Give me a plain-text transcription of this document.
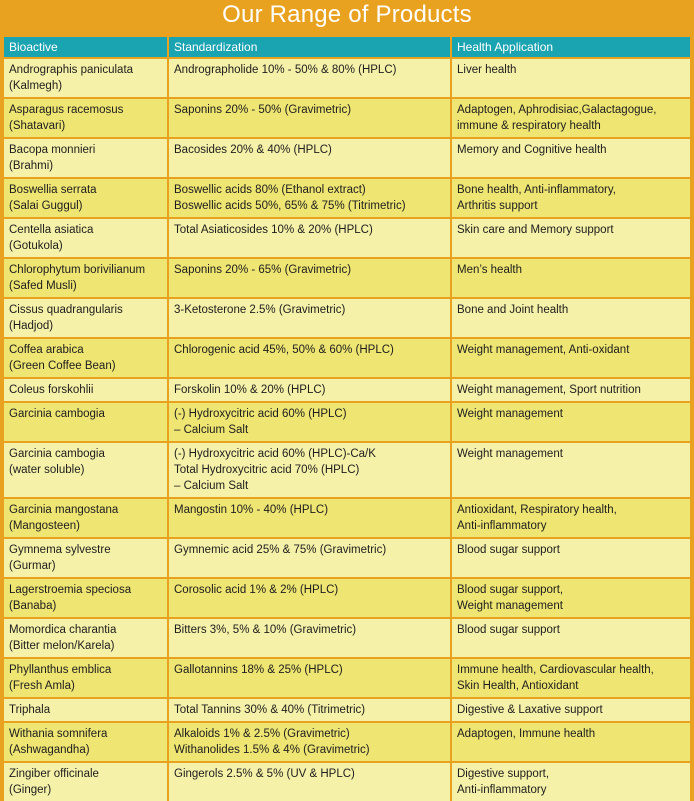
Our Range of Products
Bioactive	Standardization	Health Application

Andrographis paniculata
(Kalmegh)	Andrographolide 10% - 50% & 80% (HPLC)	Liver health

Asparagus racemosus
(Shatavari)	Saponins 20% - 50% (Gravimetric)	Adaptogen, Aphrodisiac,Galactagogue,
immune & respiratory health

Bacopa monnieri
(Brahmi)	Bacosides 20% & 40% (HPLC)	Memory and Cognitive health

Boswellia serrata
(Salai Guggul)	Boswellic acids 80% (Ethanol extract)
Boswellic acids 50%, 65% & 75% (Titrimetric)	Bone health, Anti-inflammatory,
Arthritis support

Centella asiatica
(Gotukola)	Total Asiaticosides 10% & 20% (HPLC)	Skin care and Memory support

Chlorophytum borivilianum
(Safed Musli)	Saponins 20% - 65% (Gravimetric)	Men’s health

Cissus quadrangularis
(Hadjod)	3-Ketosterone 2.5% (Gravimetric)	Bone and Joint health

Coffea arabica
(Green Coffee Bean)	Chlorogenic acid 45%, 50% & 60% (HPLC)	Weight management, Anti-oxidant

Coleus forskohlii	Forskolin 10% & 20% (HPLC)	Weight management, Sport nutrition

Garcinia cambogia	(-) Hydroxycitric acid 60% (HPLC)
– Calcium Salt	Weight management

Garcinia cambogia
(water soluble)	(-) Hydroxycitric acid 60% (HPLC)-Ca/K
Total Hydroxycitric acid 70% (HPLC)
– Calcium Salt	Weight management

Garcinia mangostana
(Mangosteen)	Mangostin 10% - 40% (HPLC)	Antioxidant, Respiratory health,
Anti-inflammatory

Gymnema sylvestre
(Gurmar)	Gymnemic acid 25% & 75% (Gravimetric)	Blood sugar support

Lagerstroemia speciosa
(Banaba)	Corosolic acid 1% & 2% (HPLC)	Blood sugar support,
Weight management

Momordica charantia
(Bitter melon/Karela)	Bitters 3%, 5% & 10% (Gravimetric)	Blood sugar support

Phyllanthus emblica
(Fresh Amla)	Gallotannins 18% & 25% (HPLC)	Immune health, Cardiovascular health,
Skin Health, Antioxidant

Triphala	Total Tannins 30% & 40% (Titrimetric)	Digestive & Laxative support

Withania somnifera
(Ashwagandha)	Alkaloids 1% & 2.5% (Gravimetric)
Withanolides 1.5% & 4% (Gravimetric)	Adaptogen, Immune health

Zingiber officinale
(Ginger)	Gingerols 2.5% & 5% (UV & HPLC)	Digestive support,
Anti-inflammatory
